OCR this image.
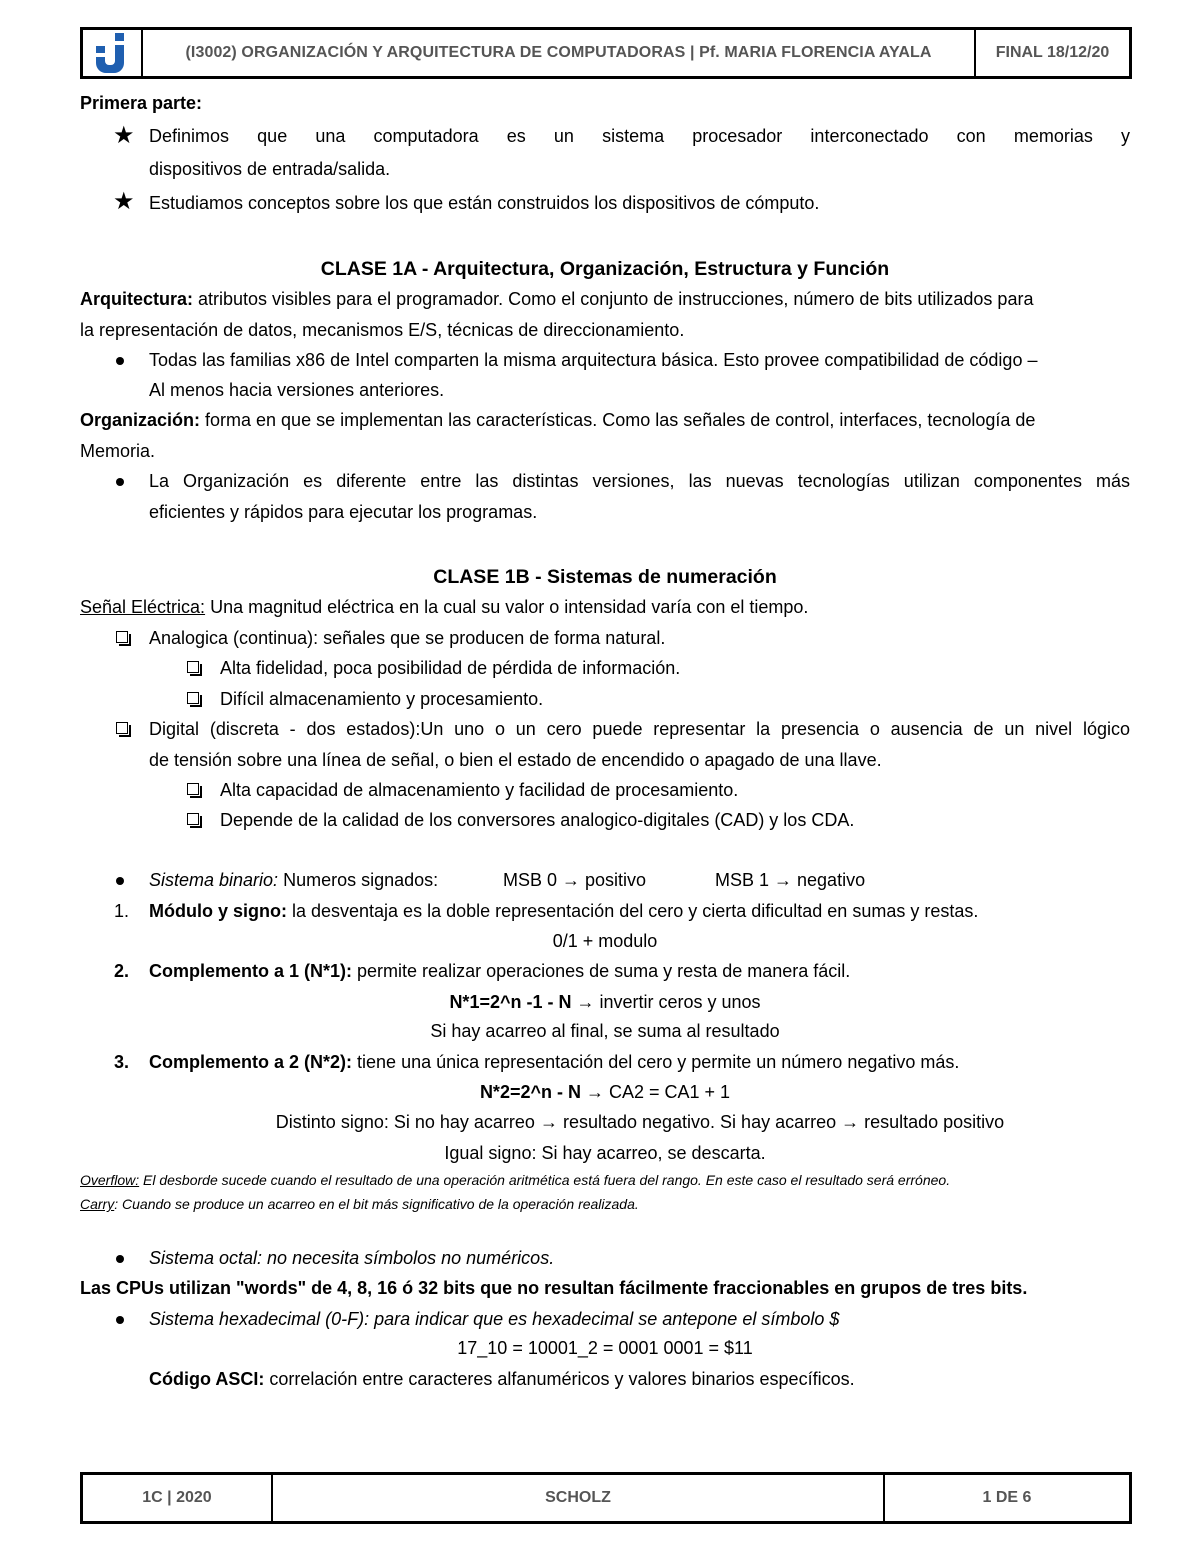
(I3002) ORGANIZACIÓN Y ARQUITECTURA DE COMPUTADORAS | Pf. MARIA FLORENCIA AYALA	FINAL 18/12/20
Primera parte:
★ Definimos que una computadora es un sistema procesador interconectado con memorias y
dispositivos de entrada/salida.
★ Estudiamos conceptos sobre los que están construidos los dispositivos de cómputo.
CLASE 1A - Arquitectura, Organización, Estructura y Función
Arquitectura: atributos visibles para el programador. Como el conjunto de instrucciones, número de bits utilizados para
la representación de datos, mecanismos E/S, técnicas de direccionamiento.
Todas las familias x86 de Intel comparten la misma arquitectura básica. Esto provee compatibilidad de código –
Al menos hacia versiones anteriores.
Organización: forma en que se implementan las características. Como las señales de control, interfaces, tecnología de
Memoria.
La Organización es diferente entre las distintas versiones, las nuevas tecnologías utilizan componentes más
eficientes y rápidos para ejecutar los programas.
CLASE 1B - Sistemas de numeración
Señal Eléctrica: Una magnitud eléctrica en la cual su valor o intensidad varía con el tiempo.
Analogica (continua): señales que se producen de forma natural.
Alta fidelidad, poca posibilidad de pérdida de información.
Difícil almacenamiento y procesamiento.
Digital (discreta - dos estados):Un uno o un cero puede representar la presencia o ausencia de un nivel lógico
de tensión sobre una línea de señal, o bien el estado de encendido o apagado de una llave.
Alta capacidad de almacenamiento y facilidad de procesamiento.
Depende de la calidad de los conversores analogico-digitales (CAD) y los CDA.
Sistema binario: Numeros signados:	MSB 0 → positivo	MSB 1 → negativo
1. Módulo y signo: la desventaja es la doble representación del cero y cierta dificultad en sumas y restas.
0/1 + modulo
2. Complemento a 1 (N*1): permite realizar operaciones de suma y resta de manera fácil.
N*1=2^n -1 - N → invertir ceros y unos
Si hay acarreo al final, se suma al resultado
3. Complemento a 2 (N*2): tiene una única representación del cero y permite un número negativo más.
N*2=2^n - N → CA2 = CA1 + 1
Distinto signo: Si no hay acarreo → resultado negativo. Si hay acarreo → resultado positivo
Igual signo: Si hay acarreo, se descarta.
Overflow: El desborde sucede cuando el resultado de una operación aritmética está fuera del rango. En este caso el resultado será erróneo.
Carry: Cuando se produce un acarreo en el bit más significativo de la operación realizada.
Sistema octal: no necesita símbolos no numéricos.
Las CPUs utilizan "words" de 4, 8, 16 ó 32 bits que no resultan fácilmente fraccionables en grupos de tres bits.
Sistema hexadecimal (0-F): para indicar que es hexadecimal se antepone el símbolo $
17_10 = 10001_2 = 0001 0001 = $11
Código ASCI: correlación entre caracteres alfanuméricos y valores binarios específicos.
1C | 2020	SCHOLZ	1 DE 6
